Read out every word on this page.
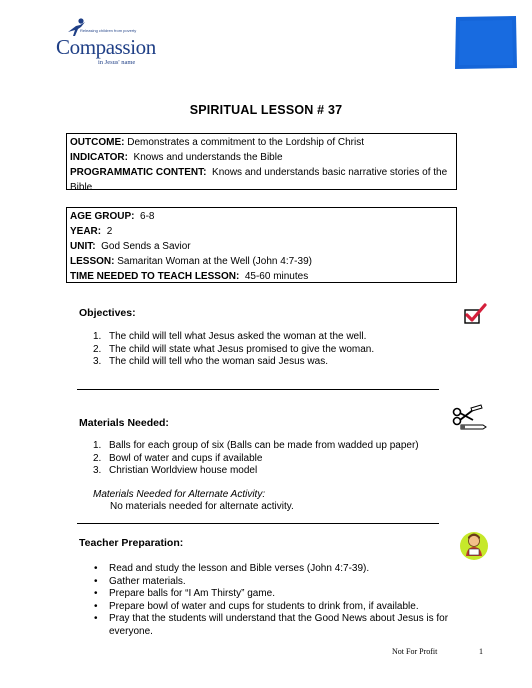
Releasing children from poverty
Compassion
in Jesus' name
SPIRITUAL LESSON # 37
OUTCOME: Demonstrates a commitment to the Lordship of Christ
INDICATOR: Knows and understands the Bible
PROGRAMMATIC CONTENT: Knows and understands basic narrative stories of the Bible
AGE GROUP: 6-8
YEAR: 2
UNIT: God Sends a Savior
LESSON: Samaritan Woman at the Well (John 4:7-39)
TIME NEEDED TO TEACH LESSON: 45-60 minutes
Objectives:
1. The child will tell what Jesus asked the woman at the well.
2. The child will state what Jesus promised to give the woman.
3. The child will tell who the woman said Jesus was.
Materials Needed:
1. Balls for each group of six (Balls can be made from wadded up paper)
2. Bowl of water and cups if available
3. Christian Worldview house model
Materials Needed for Alternate Activity:
No materials needed for alternate activity.
Teacher Preparation:
• Read and study the lesson and Bible verses (John 4:7-39).
• Gather materials.
• Prepare balls for “I Am Thirsty” game.
• Prepare bowl of water and cups for students to drink from, if available.
• Pray that the students will understand that the Good News about Jesus is for everyone.
Not For Profit	1
